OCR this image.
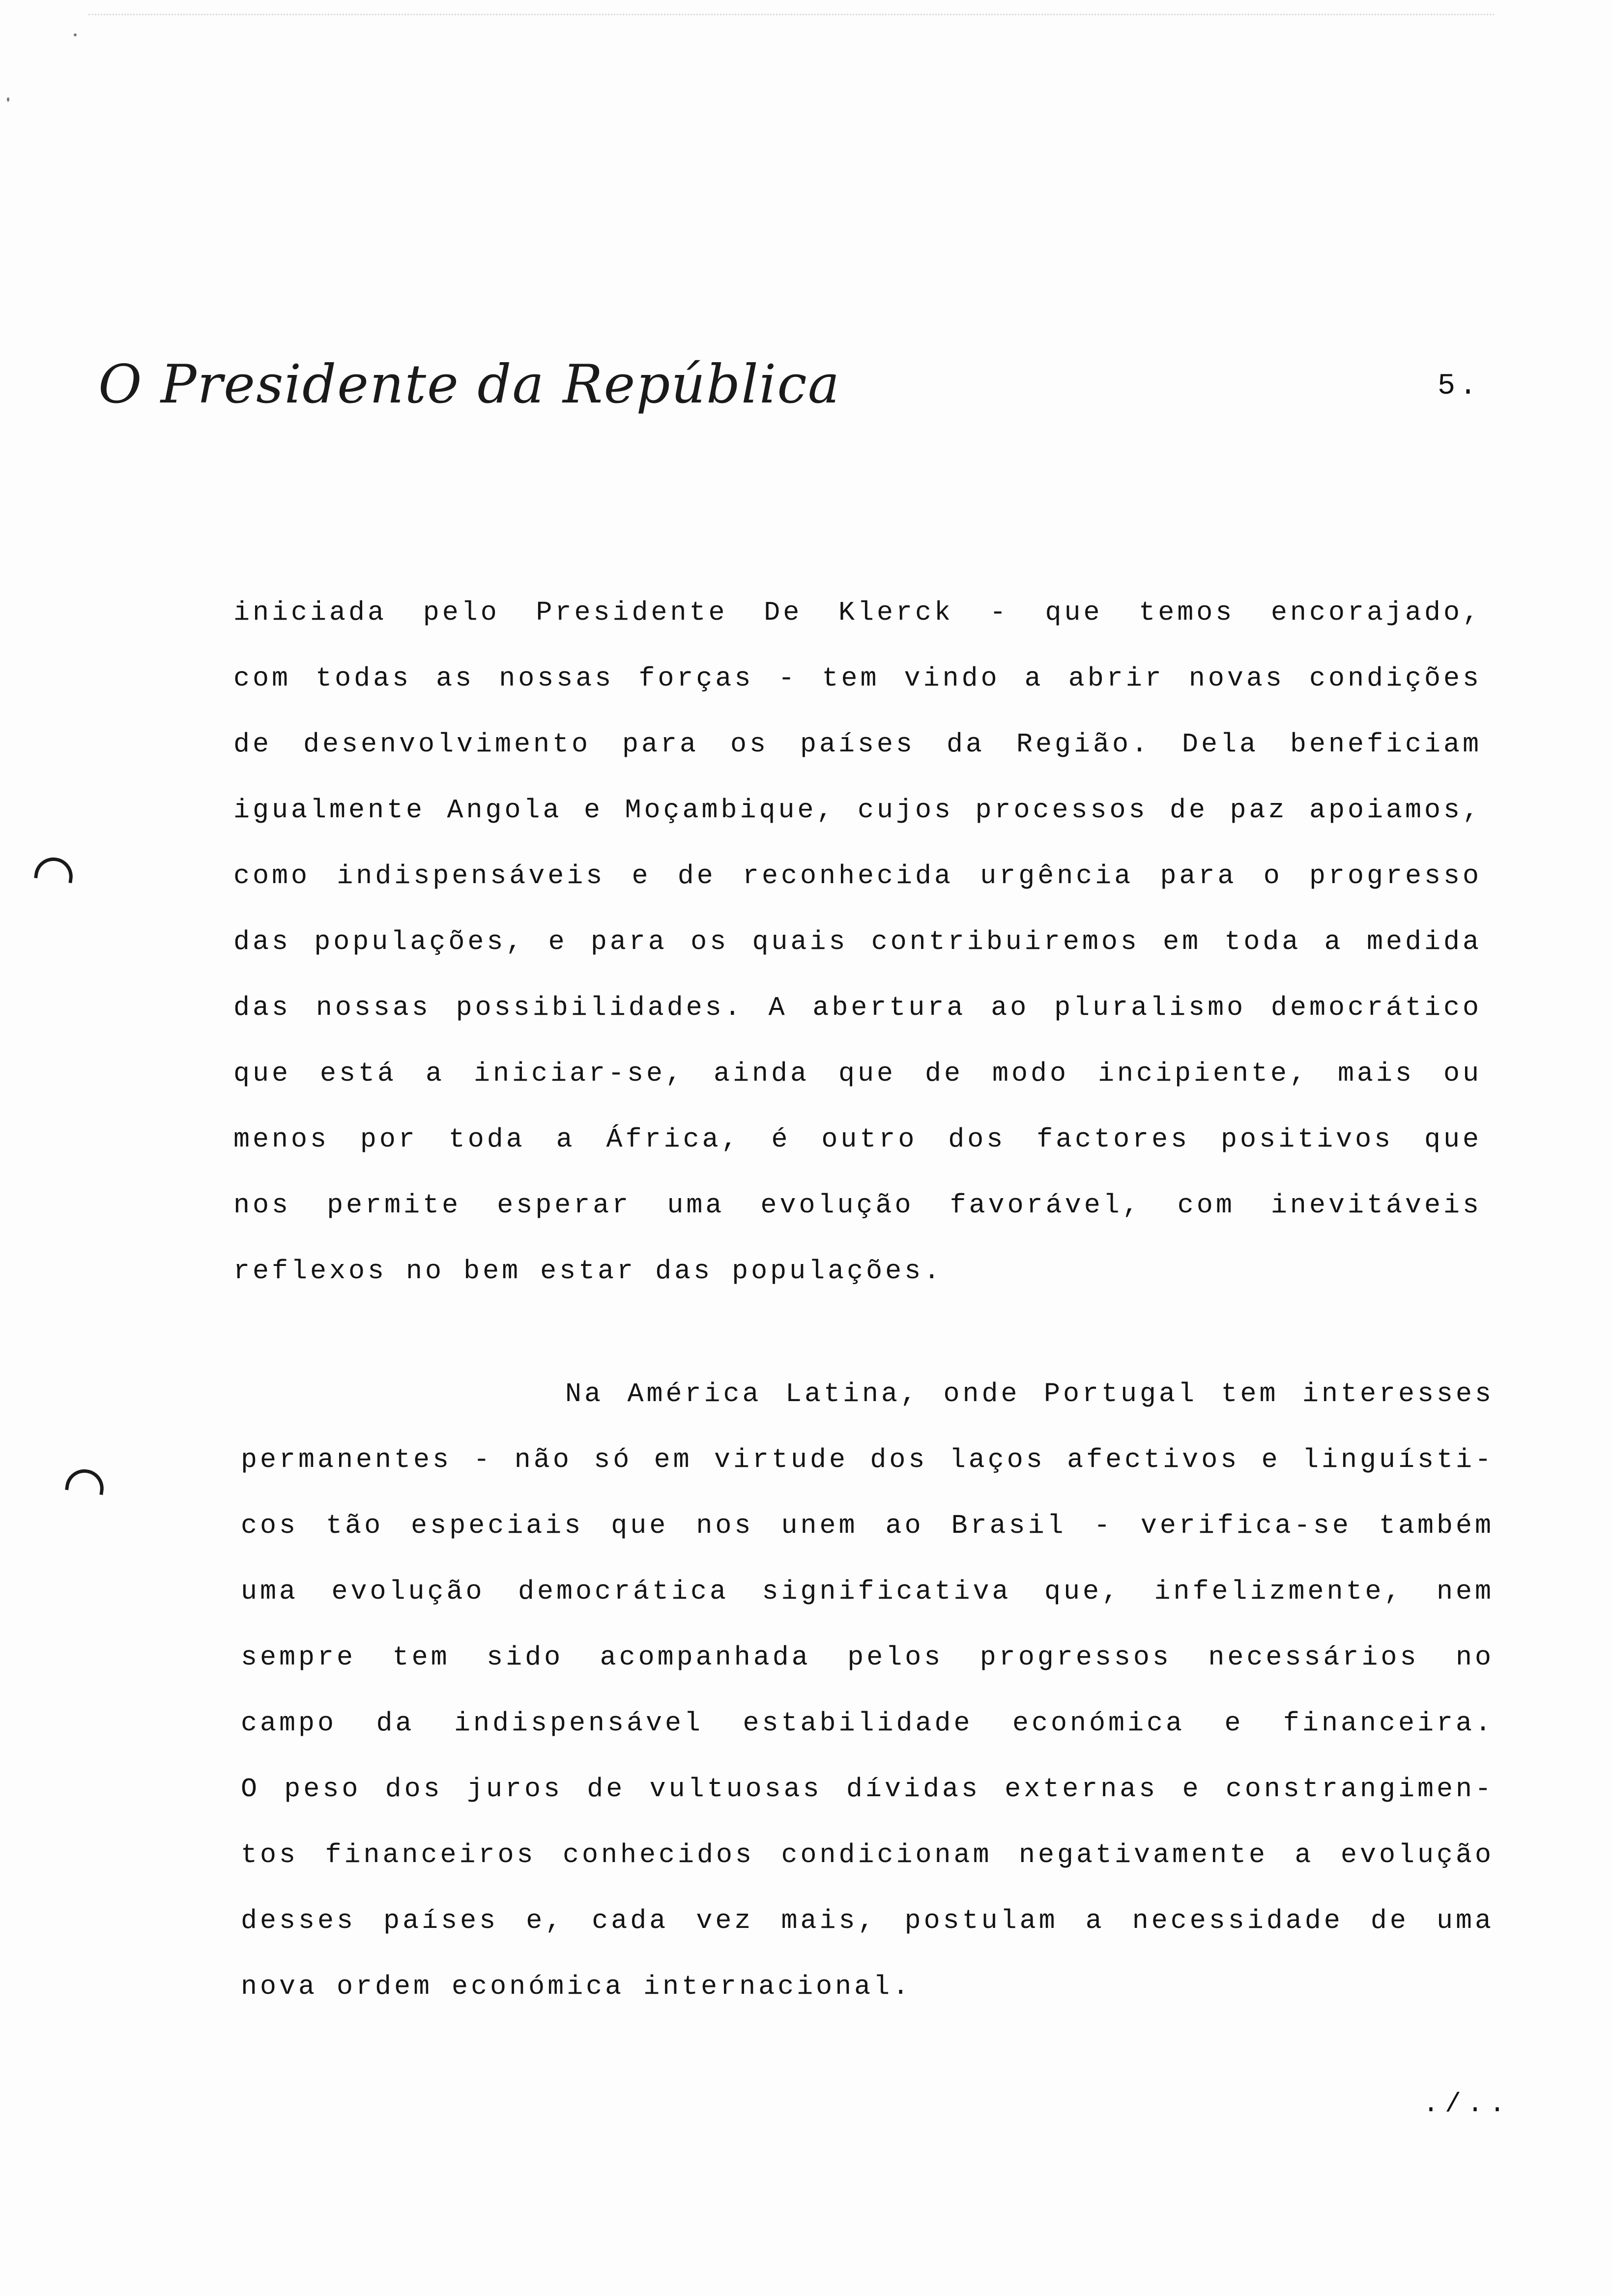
O Presidente da República	5.
iniciada pelo Presidente De Klerck - que temos encorajado,
com todas as nossas forças - tem vindo a abrir novas condições
de desenvolvimento para os países da Região. Dela beneficiam
igualmente Angola e Moçambique, cujos processos de paz apoiamos,
como indispensáveis e de reconhecida urgência para o progresso
das populações, e para os quais contribuiremos em toda a medida
das nossas possibilidades. A abertura ao pluralismo democrático
que está a iniciar-se, ainda que de modo incipiente, mais ou
menos por toda a África, é outro dos factores positivos que
nos permite esperar uma evolução favorável, com inevitáveis
reflexos no bem estar das populações.
Na América Latina, onde Portugal tem interesses
permanentes - não só em virtude dos laços afectivos e linguísti-
cos tão especiais que nos unem ao Brasil - verifica-se também
uma evolução democrática significativa que, infelizmente, nem
sempre tem sido acompanhada pelos progressos necessários no
campo da indispensável estabilidade económica e financeira.
O peso dos juros de vultuosas dívidas externas e constrangimen-
tos financeiros conhecidos condicionam negativamente a evolução
desses países e, cada vez mais, postulam a necessidade de uma
nova ordem económica internacional.
./..
